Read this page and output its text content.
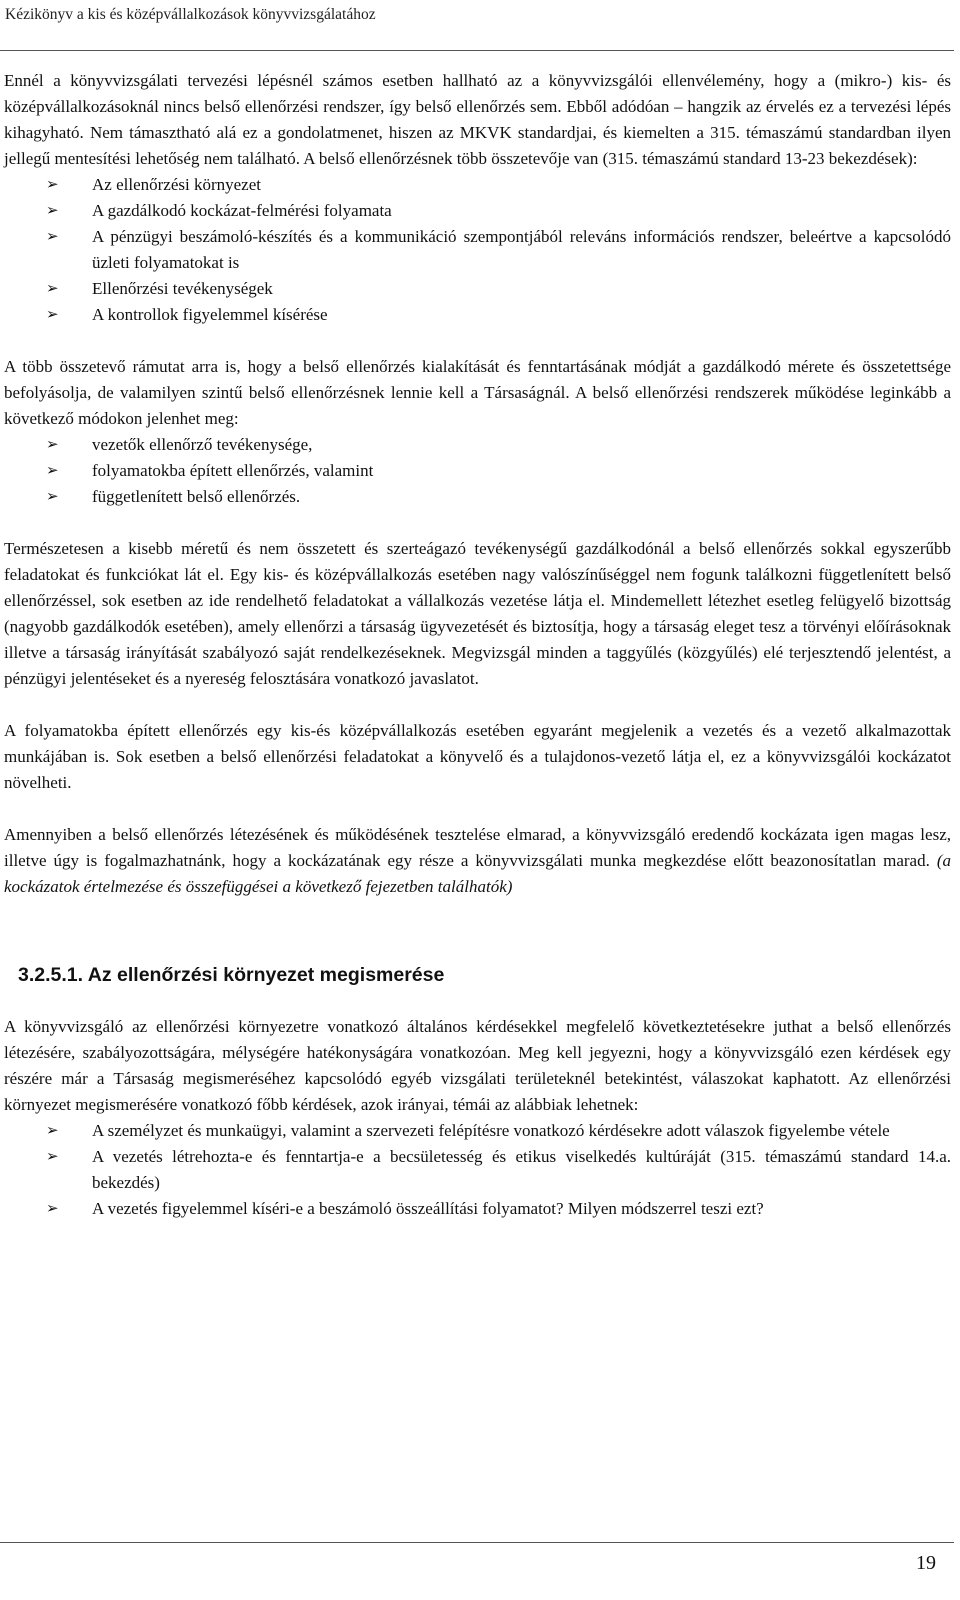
Kézikönyv a kis és középvállalkozások könyvvizsgálatához

Ennél a könyvvizsgálati tervezési lépésnél számos esetben hallható az a könyvvizsgálói ellenvélemény, hogy a (mikro-) kis- és középvállalkozásoknál nincs belső ellenőrzési rendszer, így belső ellenőrzés sem. Ebből adódóan – hangzik az érvelés ez a tervezési lépés kihagyható. Nem támasztható alá ez a gondolatmenet, hiszen az MKVK standardjai, és kiemelten a 315. témaszámú standardban ilyen jellegű mentesítési lehetőség nem található. A belső ellenőrzésnek több összetevője van (315. témaszámú standard 13-23 bekezdések):

➢ Az ellenőrzési környezet
➢ A gazdálkodó kockázat-felmérési folyamata
➢ A pénzügyi beszámoló-készítés és a kommunikáció szempontjából releváns információs rendszer, beleértve a kapcsolódó üzleti folyamatokat is
➢ Ellenőrzési tevékenységek
➢ A kontrollok figyelemmel kísérése

A több összetevő rámutat arra is, hogy a belső ellenőrzés kialakítását és fenntartásának módját a gazdálkodó mérete és összetettsége befolyásolja, de valamilyen szintű belső ellenőrzésnek lennie kell a Társaságnál. A belső ellenőrzési rendszerek működése leginkább a következő módokon jelenhet meg:

➢ vezetők ellenőrző tevékenysége,
➢ folyamatokba épített ellenőrzés, valamint
➢ függetlenített belső ellenőrzés.

Természetesen a kisebb méretű és nem összetett és szerteágazó tevékenységű gazdálkodónál a belső ellenőrzés sokkal egyszerűbb feladatokat és funkciókat lát el. Egy kis- és középvállalkozás esetében nagy valószínűséggel nem fogunk találkozni függetlenített belső ellenőrzéssel, sok esetben az ide rendelhető feladatokat a vállalkozás vezetése látja el. Mindemellett létezhet esetleg felügyelő bizottság (nagyobb gazdálkodók esetében), amely ellenőrzi a társaság ügyvezetését és biztosítja, hogy a társaság eleget tesz a törvényi előírásoknak illetve a társaság irányítását szabályozó saját rendelkezéseknek. Megvizsgál minden a taggyűlés (közgyűlés) elé terjesztendő jelentést, a pénzügyi jelentéseket és a nyereség felosztására vonatkozó javaslatot.

A folyamatokba épített ellenőrzés egy kis-és középvállalkozás esetében egyaránt megjelenik a vezetés és a vezető alkalmazottak munkájában is. Sok esetben a belső ellenőrzési feladatokat a könyvelő és a tulajdonos-vezető látja el, ez a könyvvizsgálói kockázatot növelheti.

Amennyiben a belső ellenőrzés létezésének és működésének tesztelése elmarad, a könyvvizsgáló eredendő kockázata igen magas lesz, illetve úgy is fogalmazhatnánk, hogy a kockázatának egy része a könyvvizsgálati munka megkezdése előtt beazonosítatlan marad. (a kockázatok értelmezése és összefüggései a következő fejezetben találhatók)

3.2.5.1. Az ellenőrzési környezet megismerése

A könyvvizsgáló az ellenőrzési környezetre vonatkozó általános kérdésekkel megfelelő következtetésekre juthat a belső ellenőrzés létezésére, szabályozottságára, mélységére hatékonyságára vonatkozóan. Meg kell jegyezni, hogy a könyvvizsgáló ezen kérdések egy részére már a Társaság megismeréséhez kapcsolódó egyéb vizsgálati területeknél betekintést, válaszokat kaphatott. Az ellenőrzési környezet megismerésére vonatkozó főbb kérdések, azok irányai, témái az alábbiak lehetnek:

➢ A személyzet és munkaügyi, valamint a szervezeti felépítésre vonatkozó kérdésekre adott válaszok figyelembe vétele
➢ A vezetés létrehozta-e és fenntartja-e a becsületesség és etikus viselkedés kultúráját (315. témaszámú standard 14.a. bekezdés)
➢ A vezetés figyelemmel kíséri-e a beszámoló összeállítási folyamatot? Milyen módszerrel teszi ezt?
19
